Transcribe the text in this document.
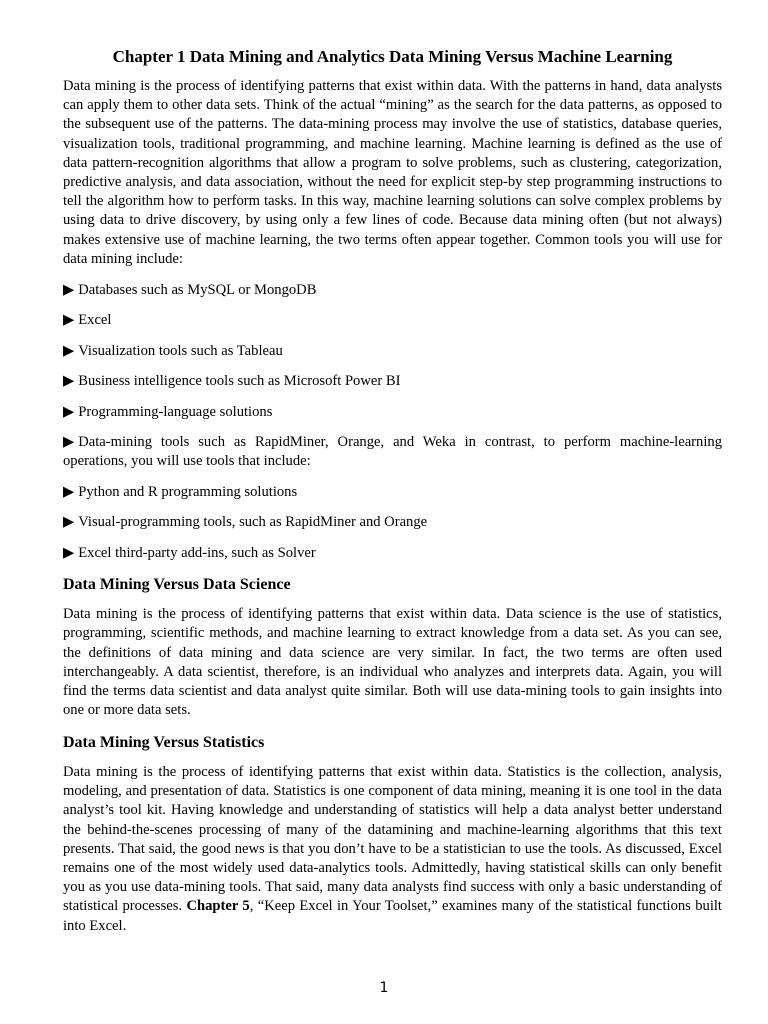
Chapter 1 Data Mining and Analytics Data Mining Versus Machine Learning

Data mining is the process of identifying patterns that exist within data. With the patterns in hand, data analysts can apply them to other data sets. Think of the actual “mining” as the search for the data patterns, as opposed to the subsequent use of the patterns. The data-mining process may involve the use of statistics, database queries, visualization tools, traditional programming, and machine learning. Machine learning is defined as the use of data pattern-recognition algorithms that allow a program to solve problems, such as clustering, categorization, predictive analysis, and data association, without the need for explicit step-by step programming instructions to tell the algorithm how to perform tasks. In this way, machine learning solutions can solve complex problems by using data to drive discovery, by using only a few lines of code. Because data mining often (but not always) makes extensive use of machine learning, the two terms often appear together. Common tools you will use for data mining include:

▶ Databases such as MySQL or MongoDB
▶ Excel
▶ Visualization tools such as Tableau
▶ Business intelligence tools such as Microsoft Power BI
▶ Programming-language solutions
▶ Data-mining tools such as RapidMiner, Orange, and Weka in contrast, to perform machine-learning operations, you will use tools that include:
▶ Python and R programming solutions
▶ Visual-programming tools, such as RapidMiner and Orange
▶ Excel third-party add-ins, such as Solver
Data Mining Versus Data Science

Data mining is the process of identifying patterns that exist within data. Data science is the use of statistics, programming, scientific methods, and machine learning to extract knowledge from a data set. As you can see, the definitions of data mining and data science are very similar. In fact, the two terms are often used interchangeably. A data scientist, therefore, is an individual who analyzes and interprets data. Again, you will find the terms data scientist and data analyst quite similar. Both will use data-mining tools to gain insights into one or more data sets.

Data Mining Versus Statistics

Data mining is the process of identifying patterns that exist within data. Statistics is the collection, analysis, modeling, and presentation of data. Statistics is one component of data mining, meaning it is one tool in the data analyst’s tool kit. Having knowledge and understanding of statistics will help a data analyst better understand the behind-the-scenes processing of many of the datamining and machine-learning algorithms that this text presents. That said, the good news is that you don’t have to be a statistician to use the tools. As discussed, Excel remains one of the most widely used data-analytics tools. Admittedly, having statistical skills can only benefit you as you use data-mining tools. That said, many data analysts find success with only a basic understanding of statistical processes. Chapter 5, “Keep Excel in Your Toolset,” examines many of the statistical functions built into Excel.

1
